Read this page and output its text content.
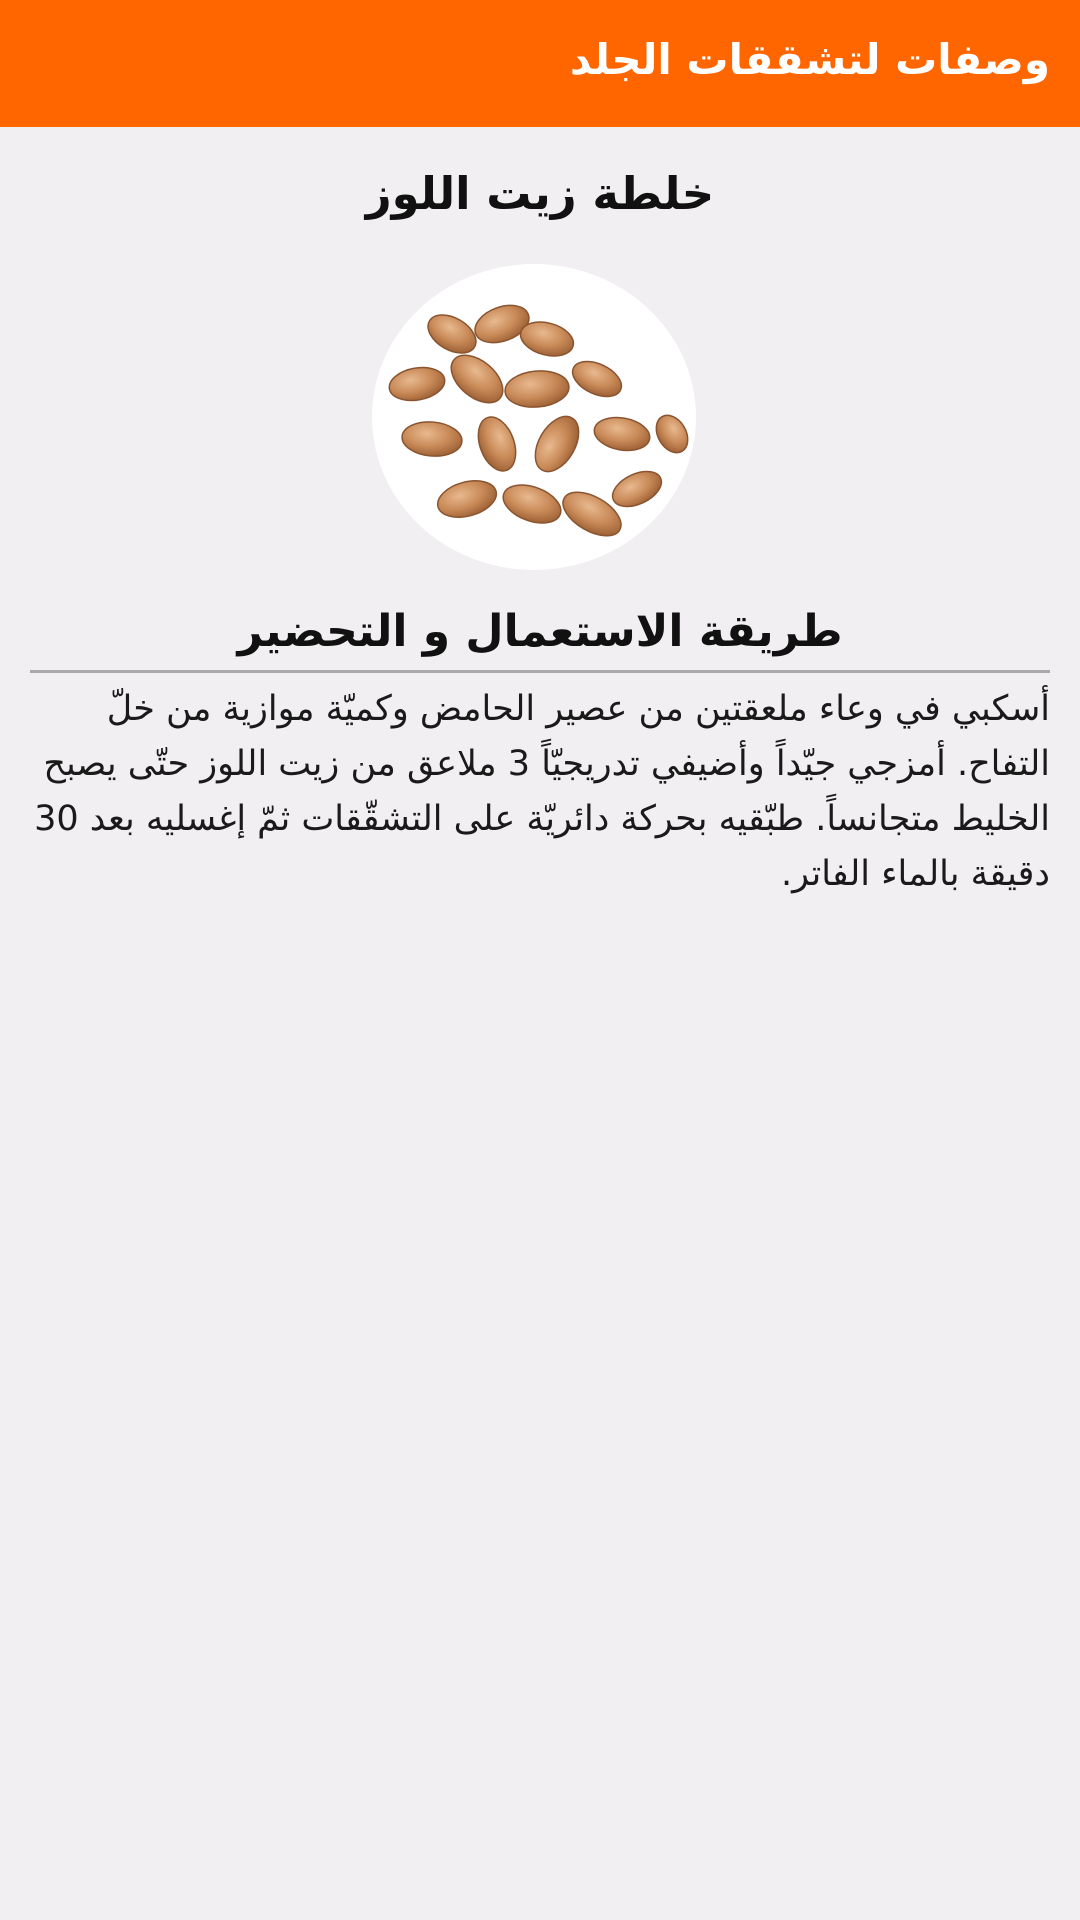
وصفات لتشققات الجلد
خلطة زيت اللوز
طريقة الاستعمال و التحضير

أسكبي في وعاء ملعقتين من عصير الحامض وكميّة موازية من خلّ التفاح. أمزجي جيّداً وأضيفي تدريجيّاً 3 ملاعق من زيت اللوز حتّى يصبح الخليط متجانساً. طبّقيه بحركة دائريّة على التشقّقات ثمّ إغسليه بعد 30 دقيقة بالماء الفاتر.
